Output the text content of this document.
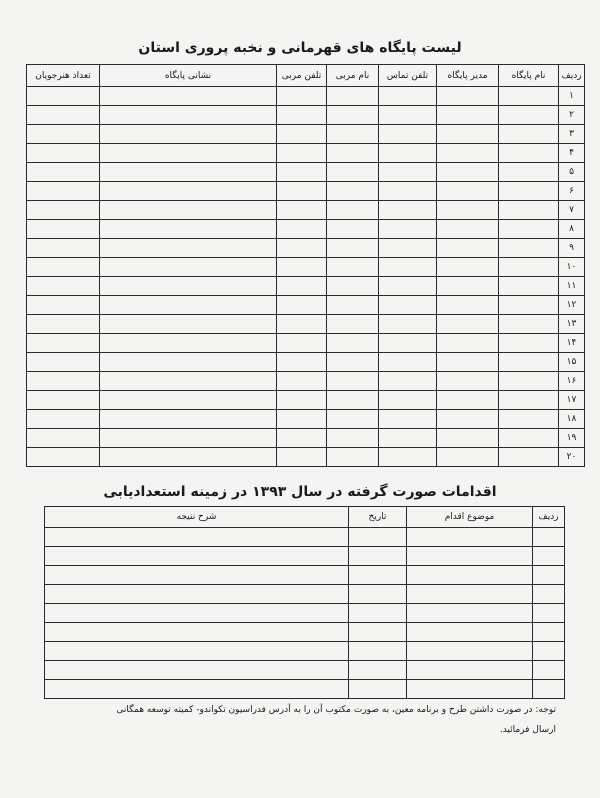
لیست پایگاه های قهرمانی و نخبه پروری استان
ردیف	نام پایگاه	مدیر پایگاه	تلفن تماس	نام مربی	تلفن مربی	نشانی پایگاه	تعداد هنرجویان
۱							
۲							
۳							
۴							
۵							
۶							
۷							
۸							
۹							
۱۰							
۱۱							
۱۲							
۱۳							
۱۴							
۱۵							
۱۶							
۱۷							
۱۸							
۱۹							
۲۰							
اقدامات صورت گرفته در سال ۱۳۹۳ در زمینه استعدادیابی
ردیف	موضوع اقدام	تاریخ	شرح نتیجه

توجه: در صورت داشتن طرح و برنامه معین، به صورت مکتوب آن را به آدرس فدراسیون تکواندو- کمیته توسعه همگانی
ارسال فرمائید.
